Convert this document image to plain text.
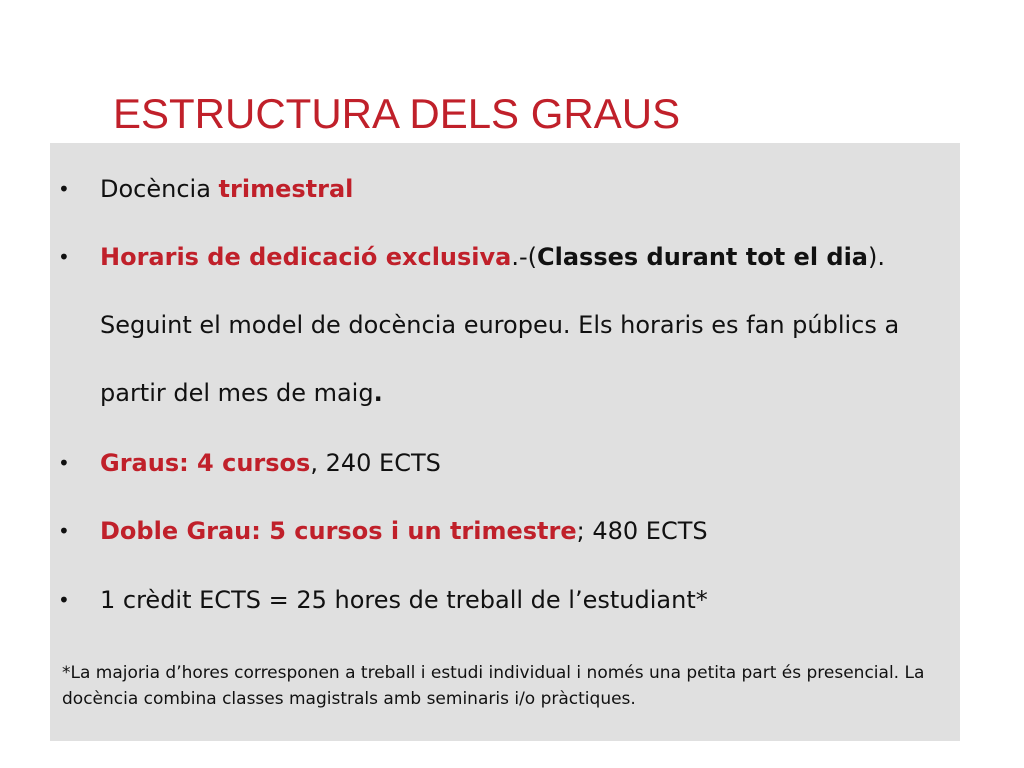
ESTRUCTURA DELS GRAUS
• Docència trimestral
• Horaris de dedicació exclusiva.-(Classes durant tot el dia). Seguint el model de docència europeu. Els horaris es fan públics a partir del mes de maig.
• Graus: 4 cursos, 240 ECTS
• Doble Grau: 5 cursos i un trimestre; 480 ECTS
• 1 crèdit ECTS = 25 hores de treball de l’estudiant*

*La majoria d’hores corresponen a treball i estudi individual i només una petita part és presencial. La docència combina classes magistrals amb seminaris i/o pràctiques.
